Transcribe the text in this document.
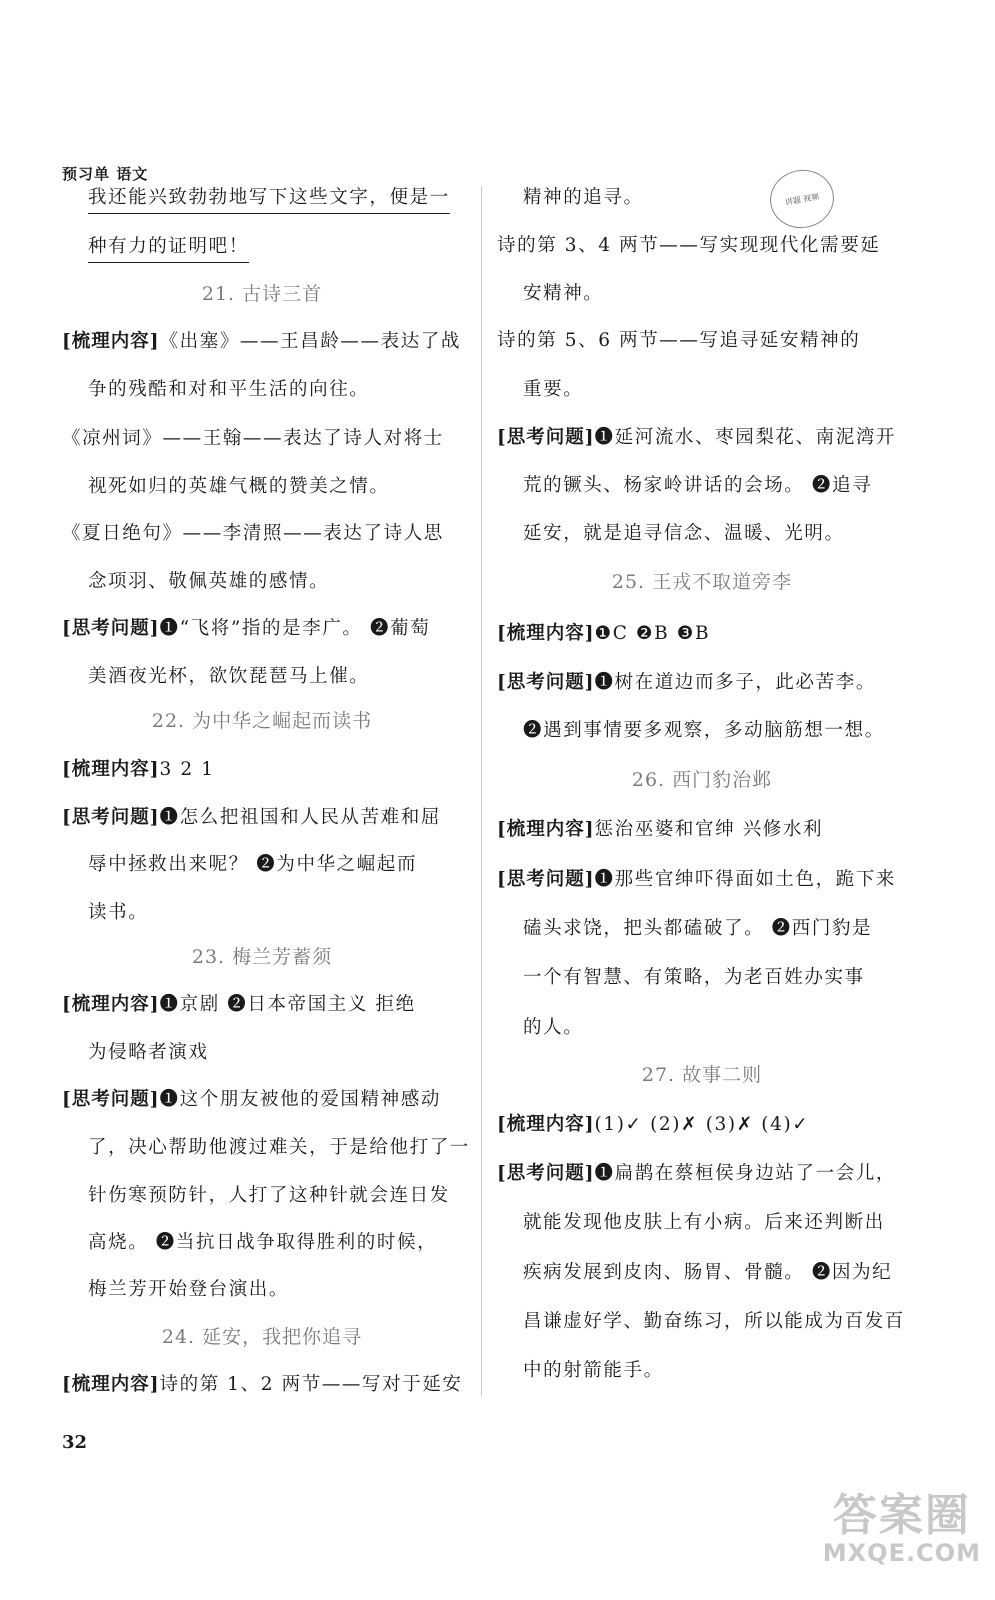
预习单 语文
我还能兴致勃勃地写下这些文字，便是一
种有力的证明吧！
21. 古诗三首
[梳理内容]《出塞》——王昌龄——表达了战
争的残酷和对和平生活的向往。
《凉州词》——王翰——表达了诗人对将士
视死如归的英雄气概的赞美之情。
《夏日绝句》——李清照——表达了诗人思
念项羽、敬佩英雄的感情。
[思考问题]❶“飞将”指的是李广。 ❷葡萄
美酒夜光杯，欲饮琵琶马上催。
22. 为中华之崛起而读书
[梳理内容]3 2 1
[思考问题]❶怎么把祖国和人民从苦难和屈
辱中拯救出来呢？ ❷为中华之崛起而
读书。
23. 梅兰芳蓄须
[梳理内容]❶京剧 ❷日本帝国主义 拒绝
为侵略者演戏
[思考问题]❶这个朋友被他的爱国精神感动
了，决心帮助他渡过难关，于是给他打了一
针伤寒预防针，人打了这种针就会连日发
高烧。 ❷当抗日战争取得胜利的时候，
梅兰芳开始登台演出。
24. 延安，我把你追寻
[梳理内容]诗的第 1、2 两节——写对于延安
精神的追寻。
诗的第 3、4 两节——写实现现代化需要延
安精神。
诗的第 5、6 两节——写追寻延安精神的
重要。
[思考问题]❶延河流水、枣园梨花、南泥湾开
荒的镢头、杨家岭讲话的会场。 ❷追寻
延安，就是追寻信念、温暖、光明。
25. 王戎不取道旁李
[梳理内容]❶C ❷B ❸B
[思考问题]❶树在道边而多子，此必苦李。
❷遇到事情要多观察，多动脑筋想一想。
26. 西门豹治邺
[梳理内容]惩治巫婆和官绅 兴修水利
[思考问题]❶那些官绅吓得面如土色，跪下来
磕头求饶，把头都磕破了。 ❷西门豹是
一个有智慧、有策略，为老百姓办实事
的人。
27. 故事二则
[梳理内容](1)✓ (2)✗ (3)✗ (4)✓
[思考问题]❶扁鹊在蔡桓侯身边站了一会儿，
就能发现他皮肤上有小病。后来还判断出
疾病发展到皮肉、肠胃、骨髓。 ❷因为纪
昌谦虚好学、勤奋练习，所以能成为百发百
中的射箭能手。
讲题 视频
32
答案圈
MXQE.COM
